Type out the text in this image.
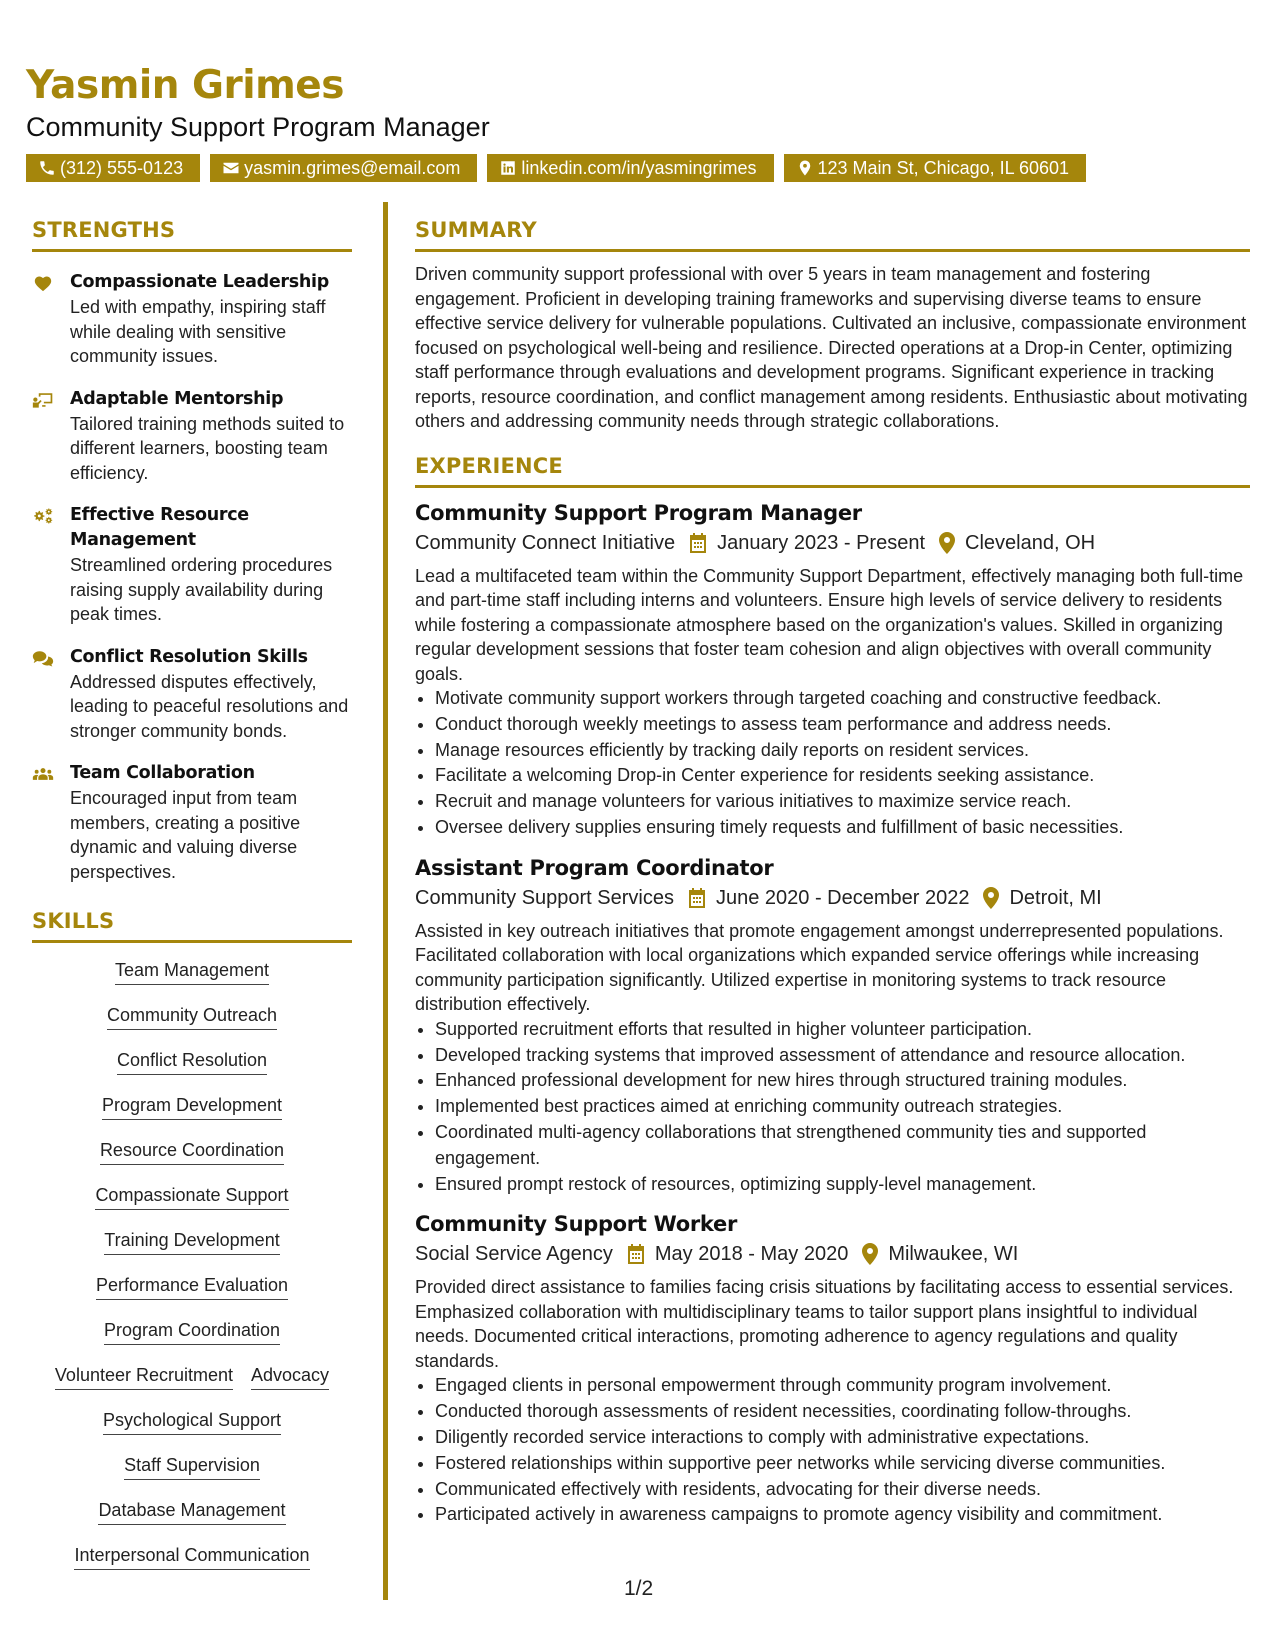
Yasmin Grimes
Community Support Program Manager
(312) 555-0123	yasmin.grimes@email.com	linkedin.com/in/yasmingrimes	123 Main St, Chicago, IL 60601
STRENGTHS
Compassionate Leadership
Led with empathy, inspiring staff while dealing with sensitive community issues.
Adaptable Mentorship
Tailored training methods suited to different learners, boosting team efficiency.
Effective Resource Management
Streamlined ordering procedures raising supply availability during peak times.
Conflict Resolution Skills
Addressed disputes effectively, leading to peaceful resolutions and stronger community bonds.
Team Collaboration
Encouraged input from team members, creating a positive dynamic and valuing diverse perspectives.
SKILLS
Team Management
Community Outreach
Conflict Resolution
Program Development
Resource Coordination
Compassionate Support
Training Development
Performance Evaluation
Program Coordination
Volunteer Recruitment Advocacy
Psychological Support
Staff Supervision
Database Management
Interpersonal Communication
SUMMARY
Driven community support professional with over 5 years in team management and fostering engagement. Proficient in developing training frameworks and supervising diverse teams to ensure effective service delivery for vulnerable populations. Cultivated an inclusive, compassionate environment focused on psychological well-being and resilience. Directed operations at a Drop-in Center, optimizing staff performance through evaluations and development programs. Significant experience in tracking reports, resource coordination, and conflict management among residents. Enthusiastic about motivating others and addressing community needs through strategic collaborations.
EXPERIENCE
Community Support Program Manager
Community Connect Initiative January 2023 - Present Cleveland, OH
Lead a multifaceted team within the Community Support Department, effectively managing both full-time and part-time staff including interns and volunteers. Ensure high levels of service delivery to residents while fostering a compassionate atmosphere based on the organization's values. Skilled in organizing regular development sessions that foster team cohesion and align objectives with overall community goals.
• Motivate community support workers through targeted coaching and constructive feedback.
• Conduct thorough weekly meetings to assess team performance and address needs.
• Manage resources efficiently by tracking daily reports on resident services.
• Facilitate a welcoming Drop-in Center experience for residents seeking assistance.
• Recruit and manage volunteers for various initiatives to maximize service reach.
• Oversee delivery supplies ensuring timely requests and fulfillment of basic necessities.
Assistant Program Coordinator
Community Support Services June 2020 - December 2022 Detroit, MI
Assisted in key outreach initiatives that promote engagement amongst underrepresented populations. Facilitated collaboration with local organizations which expanded service offerings while increasing community participation significantly. Utilized expertise in monitoring systems to track resource distribution effectively.
• Supported recruitment efforts that resulted in higher volunteer participation.
• Developed tracking systems that improved assessment of attendance and resource allocation.
• Enhanced professional development for new hires through structured training modules.
• Implemented best practices aimed at enriching community outreach strategies.
• Coordinated multi-agency collaborations that strengthened community ties and supported engagement.
• Ensured prompt restock of resources, optimizing supply-level management.
Community Support Worker
Social Service Agency May 2018 - May 2020 Milwaukee, WI
Provided direct assistance to families facing crisis situations by facilitating access to essential services. Emphasized collaboration with multidisciplinary teams to tailor support plans insightful to individual needs. Documented critical interactions, promoting adherence to agency regulations and quality standards.
• Engaged clients in personal empowerment through community program involvement.
• Conducted thorough assessments of resident necessities, coordinating follow-throughs.
• Diligently recorded service interactions to comply with administrative expectations.
• Fostered relationships within supportive peer networks while servicing diverse communities.
• Communicated effectively with residents, advocating for their diverse needs.
• Participated actively in awareness campaigns to promote agency visibility and commitment.
1/2
